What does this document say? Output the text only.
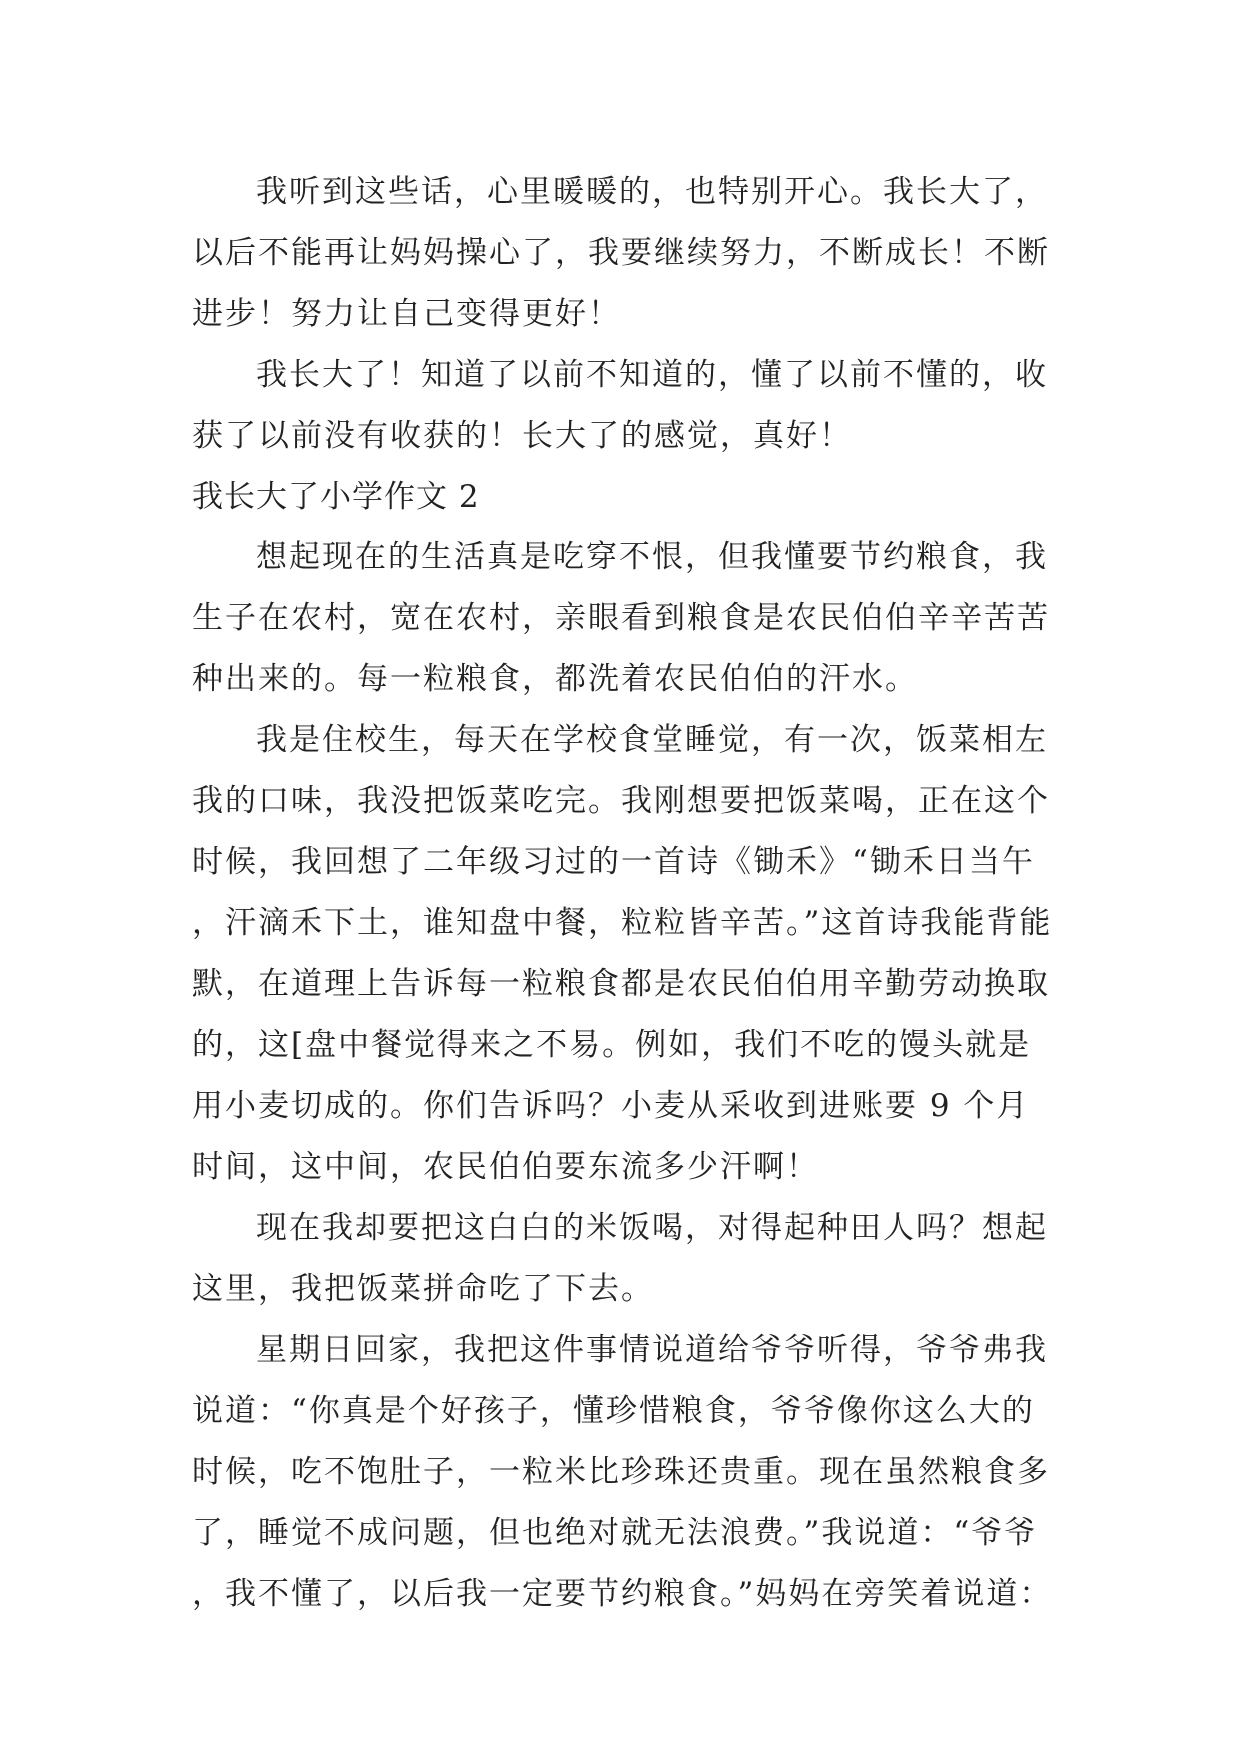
我听到这些话，心里暖暖的，也特别开心。我长大了，以后不能再让妈妈操心了，我要继续努力，不断成长！不断进步！努力让自己变得更好！

我长大了！知道了以前不知道的，懂了以前不懂的，收获了以前没有收获的！长大了的感觉，真好！

我长大了小学作文 2

想起现在的生活真是吃穿不恨，但我懂要节约粮食，我生子在农村，宽在农村，亲眼看到粮食是农民伯伯辛辛苦苦种出来的。每一粒粮食，都洗着农民伯伯的汗水。

我是住校生，每天在学校食堂睡觉，有一次，饭菜相左我的口味，我没把饭菜吃完。我刚想要把饭菜喝，正在这个时候，我回想了二年级习过的一首诗《锄禾》“锄禾日当午，汗滴禾下土，谁知盘中餐，粒粒皆辛苦。”这首诗我能背能默，在道理上告诉每一粒粮食都是农民伯伯用辛勤劳动换取的，这[盘中餐觉得来之不易。例如，我们不吃的馒头就是用小麦切成的。你们告诉吗？小麦从采收到进账要 9 个月时间，这中间，农民伯伯要东流多少汗啊！

现在我却要把这白白的米饭喝，对得起种田人吗？想起这里，我把饭菜拼命吃了下去。

星期日回家，我把这件事情说道给爷爷听得，爷爷弗我说道：“你真是个好孩子，懂珍惜粮食，爷爷像你这么大的时候，吃不饱肚子，一粒米比珍珠还贵重。现在虽然粮食多了，睡觉不成问题，但也绝对就无法浪费。”我说道：“爷爷，我不懂了，以后我一定要节约粮食。”妈妈在旁笑着说道：
